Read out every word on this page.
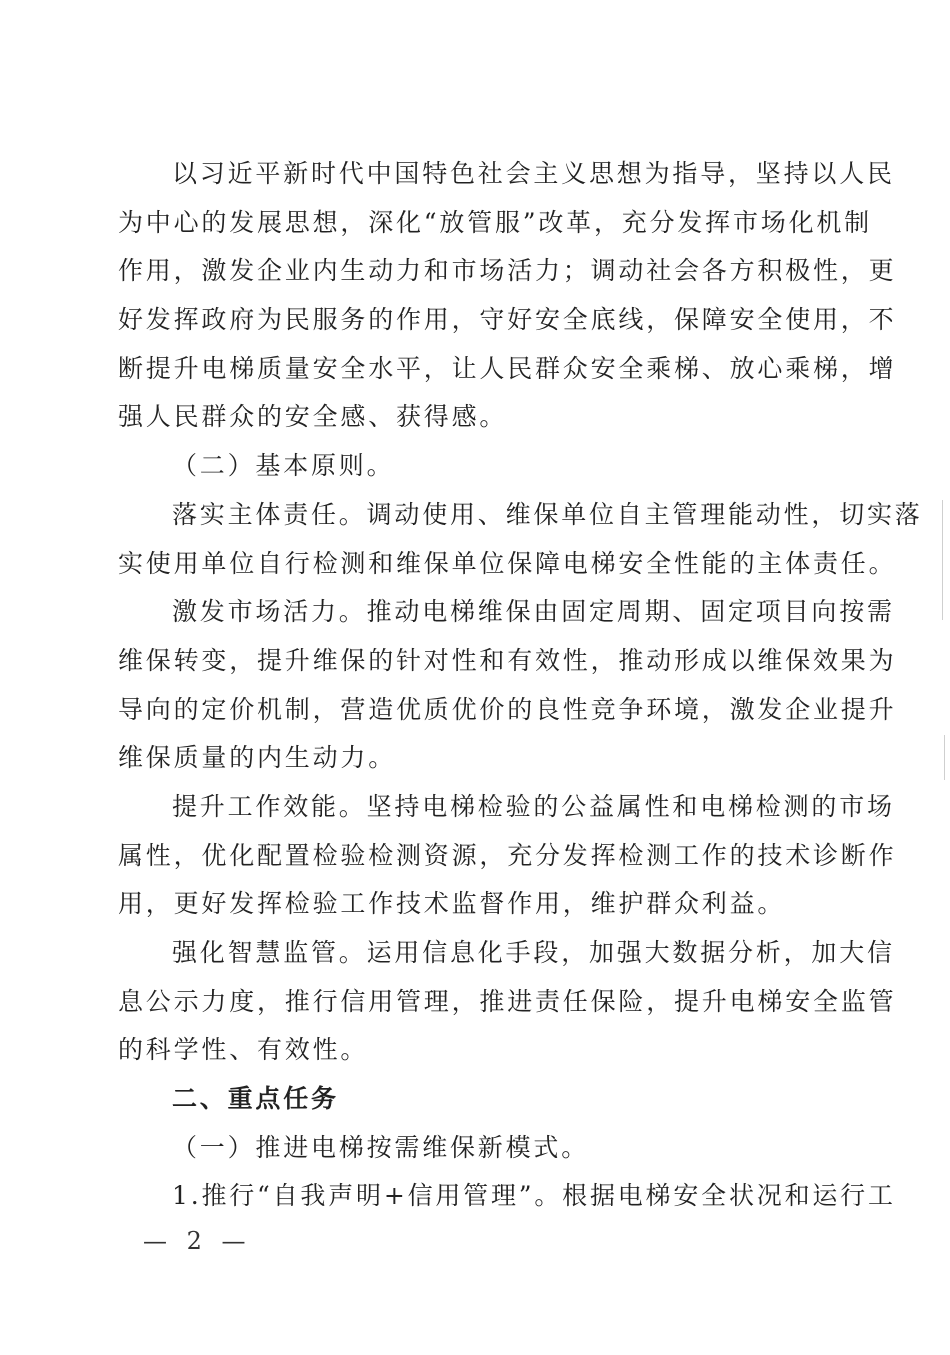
以习近平新时代中国特色社会主义思想为指导，坚持以人民
为中心的发展思想，深化“放管服”改革，充分发挥市场化机制
作用，激发企业内生动力和市场活力；调动社会各方积极性，更
好发挥政府为民服务的作用，守好安全底线，保障安全使用，不
断提升电梯质量安全水平，让人民群众安全乘梯、放心乘梯，增
强人民群众的安全感、获得感。
（二）基本原则。
落实主体责任。调动使用、维保单位自主管理能动性，切实落
实使用单位自行检测和维保单位保障电梯安全性能的主体责任。
激发市场活力。推动电梯维保由固定周期、固定项目向按需
维保转变，提升维保的针对性和有效性，推动形成以维保效果为
导向的定价机制，营造优质优价的良性竞争环境，激发企业提升
维保质量的内生动力。
提升工作效能。坚持电梯检验的公益属性和电梯检测的市场
属性，优化配置检验检测资源，充分发挥检测工作的技术诊断作
用，更好发挥检验工作技术监督作用，维护群众利益。
强化智慧监管。运用信息化手段，加强大数据分析，加大信
息公示力度，推行信用管理，推进责任保险，提升电梯安全监管
的科学性、有效性。
二、重点任务
（一）推进电梯按需维保新模式。
1.推行“自我声明+信用管理”。根据电梯安全状况和运行工
— 2 —
